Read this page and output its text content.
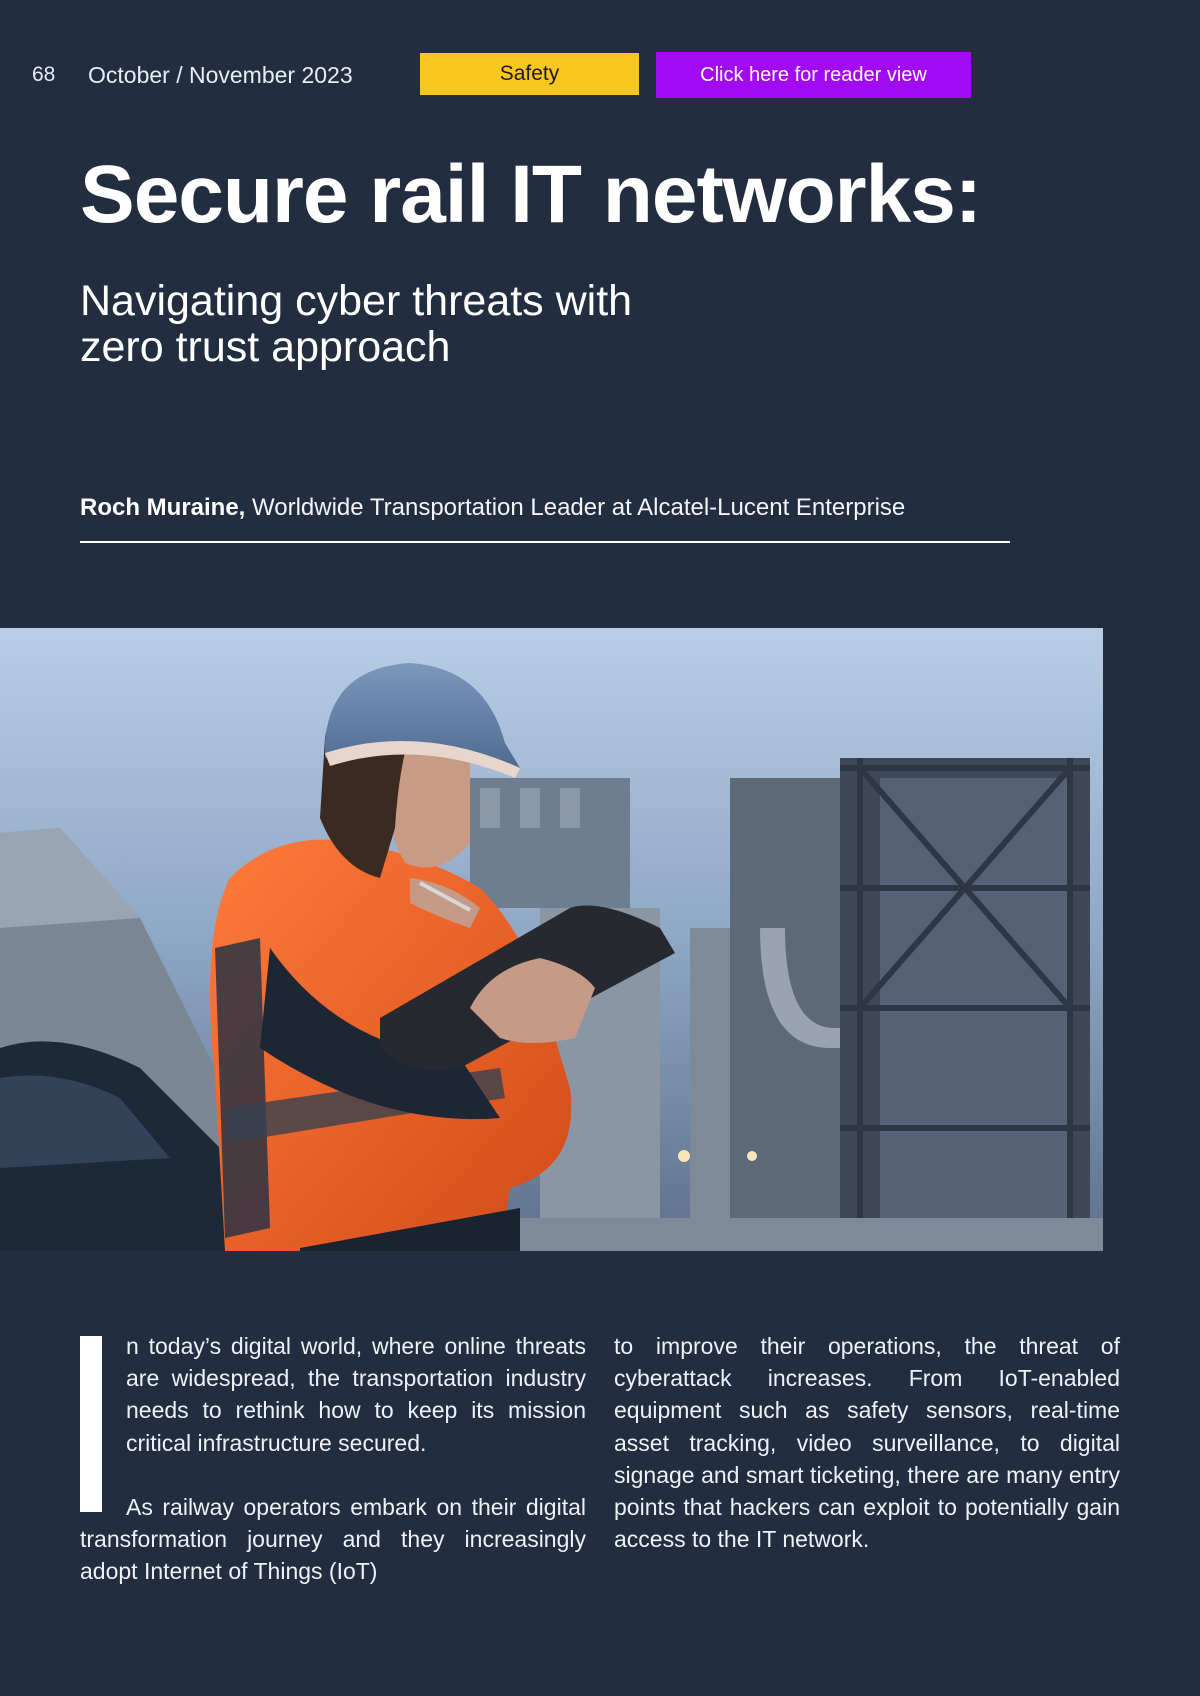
68 October / November 2023	Safety	Click here for reader view
Secure rail IT networks:
Navigating cyber threats with
zero trust approach
Roch Muraine, Worldwide Transportation Leader at Alcatel-Lucent Enterprise

n today’s digital world, where online threats are widespread, the transportation industry needs to rethink how to keep its mission critical infrastructure secured.

As railway operators embark on their digital transformation journey and they increasingly adopt Internet of Things (IoT)

to improve their operations, the threat of cyberattack increases. From IoT-enabled equipment such as safety sensors, real-time asset tracking, video surveillance, to digital signage and smart ticketing, there are many entry points that hackers can exploit to potentially gain access to the IT network.
